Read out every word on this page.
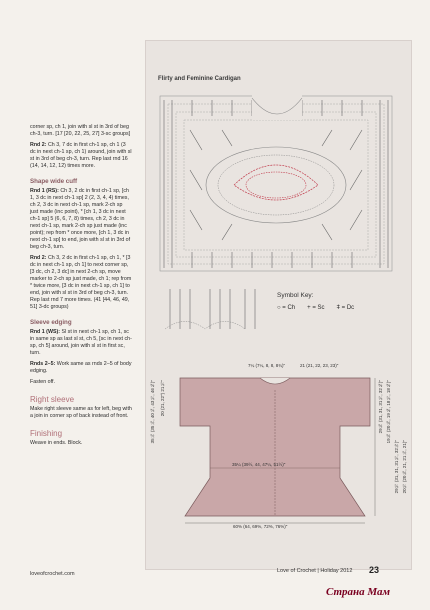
corner sp, ch 1, join with sl st in 3rd of beg ch-3, turn. [17 [20, 22, 25, 27] 3-sc groups]

Rnd 2: Ch 3, 7 dc in first ch-1 sp, ch 1 (3 dc in next ch-1 sp, ch 1) around, join with sl st in 3rd of beg ch-3, turn. Rep last rnd 16 (14, 14, 12, 12) times more.

Shape wide cuff

Rnd 1 (RS): Ch 3, 2 dc in first ch-1 sp, [ch 1, 3 dc in next ch-1 sp] 2 (2, 3, 4, 4) times, ch 2, 3 dc in next ch-1 sp, mark 2-ch sp just made (inc point), * [ch 1, 3 dc in next ch-1 sp] 5 (6, 6, 7, 8) times, ch 2, 3 dc in next ch-1 sp, mark 2-ch sp just made (inc point); rep from * once more, [ch 1, 3 dc in next ch-1 sp] to end, join with sl st in 3rd of beg ch-3, turn.

Rnd 2: Ch 3, 2 dc in first ch-1 sp, ch 1, * [3 dc in next ch-1 sp, ch 1] to next corner sp, [3 dc, ch 2, 3 dc] in next 2-ch sp, move marker to 2-ch sp just made, ch 1; rep from * twice more, [3 dc in next ch-1 sp, ch 1] to end, join with sl st in 3rd of beg ch-3, turn. Rep last rnd 7 more times. (41 [44, 46, 49, 51] 3-dc groups)

Sleeve edging

Rnd 1 (WS): Sl st in next ch-1 sp, ch 1, sc in same sp as last sl st, ch 5, [sc in next ch-sp, ch 5] around, join with sl st in first sc, turn.

Rnds 2–5: Work same as rnds 2–5 of body edging.

Fasten off.

Right sleeve

Make right sleeve same as for left, beg with a join in corner sp of back instead of front.

Finishing

Weave in ends. Block.

Flirty and Feminine Cardigan
Symbol Key:
○ = Ch + = Sc ǂ = Dc
7¼ (7¼, 8, 8, 8¾)"	21 (21, 22, 23, 23)"
35¼ (35¼, 40¼, 43½, 46¾)" 20 (21, 22") 21½"	29¾ (31, 31, 31½, 32¾)" 19¾ (20¾, 19¾, 18½, 18¾)"
29½ (31, 31, 31½, 32½)" 20½ (20¾, 21, 21¼, 21)"
35¼ (39½, 44, 47¼, 51½)"
60% (64, 69%, 72%, 76%)"
loveofcrochet.com	Love of Crochet | Holiday 2012 23
Страна Мам
